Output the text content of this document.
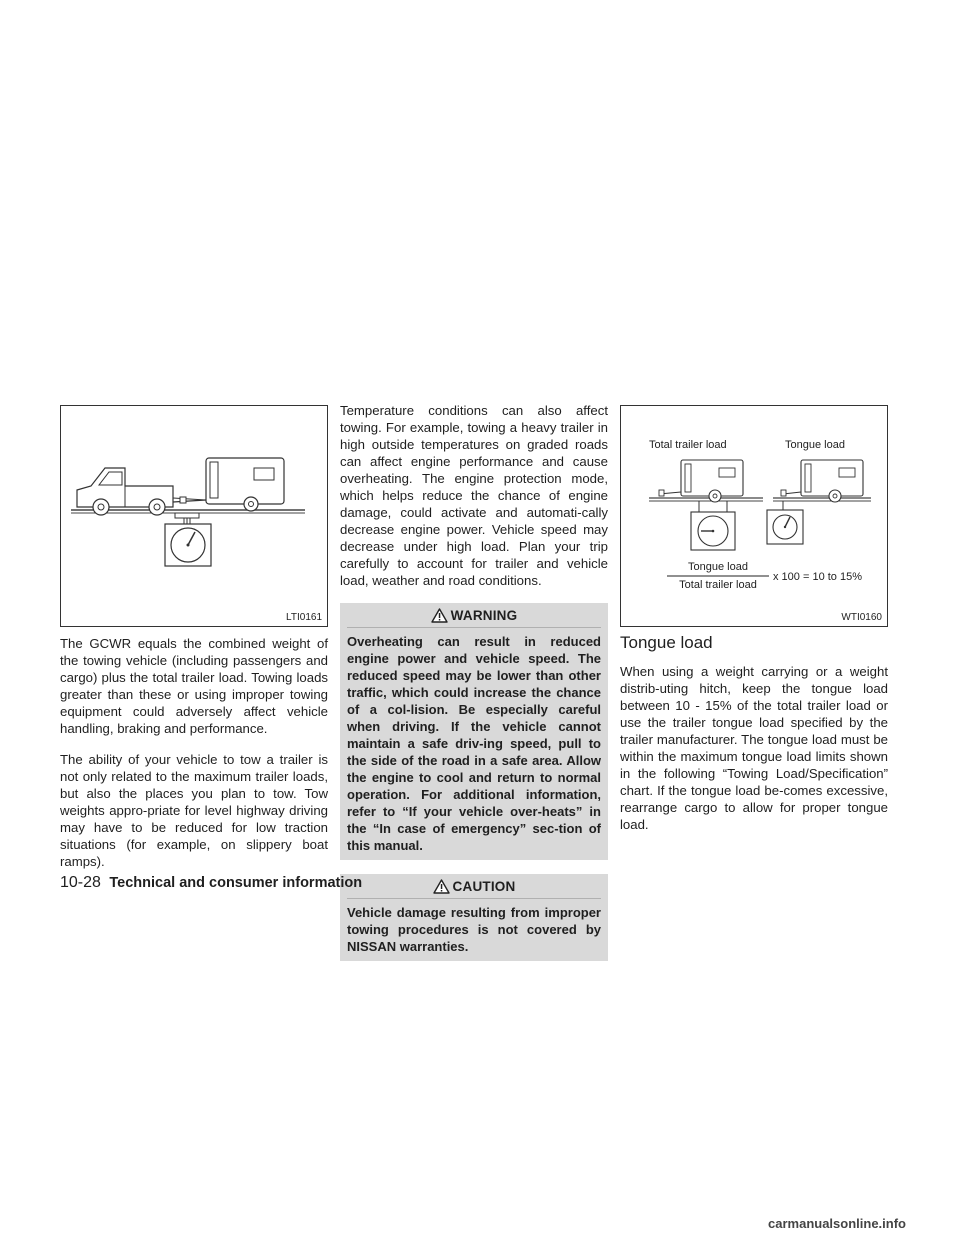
LTI0161

The GCWR equals the combined weight of the towing vehicle (including passengers and cargo) plus the total trailer load. Towing loads greater than these or using improper towing equipment could adversely affect vehicle handling, braking and performance.

The ability of your vehicle to tow a trailer is not only related to the maximum trailer loads, but also the places you plan to tow. Tow weights appro-priate for level highway driving may have to be reduced for low traction situations (for example, on slippery boat ramps).

Temperature conditions can also affect towing. For example, towing a heavy trailer in high outside temperatures on graded roads can affect engine performance and cause overheating. The engine protection mode, which helps reduce the chance of engine damage, could activate and automati-cally decrease engine power. Vehicle speed may decrease under high load. Plan your trip carefully to account for trailer and vehicle load, weather and road conditions.

WARNING
Overheating can result in reduced engine power and vehicle speed. The reduced speed may be lower than other traffic, which could increase the chance of a col-lision. Be especially careful when driving. If the vehicle cannot maintain a safe driv-ing speed, pull to the side of the road in a safe area. Allow the engine to cool and return to normal operation. For additional information, refer to “If your vehicle over-heats” in the “In case of emergency” sec-tion of this manual.
CAUTION
Vehicle damage resulting from improper towing procedures is not covered by NISSAN warranties.
Total trailer load	Tongue load
Tongue load
Total trailer load
x 100 = 10 to 15%
WTI0160
Tongue load

When using a weight carrying or a weight distrib-uting hitch, keep the tongue load between 10 - 15% of the total trailer load or use the trailer tongue load specified by the trailer manufacturer. The tongue load must be within the maximum tongue load limits shown in the following “Towing Load/Specification” chart. If the tongue load be-comes excessive, rearrange cargo to allow for proper tongue load.

10-28 Technical and consumer information
carmanualsonline.info
